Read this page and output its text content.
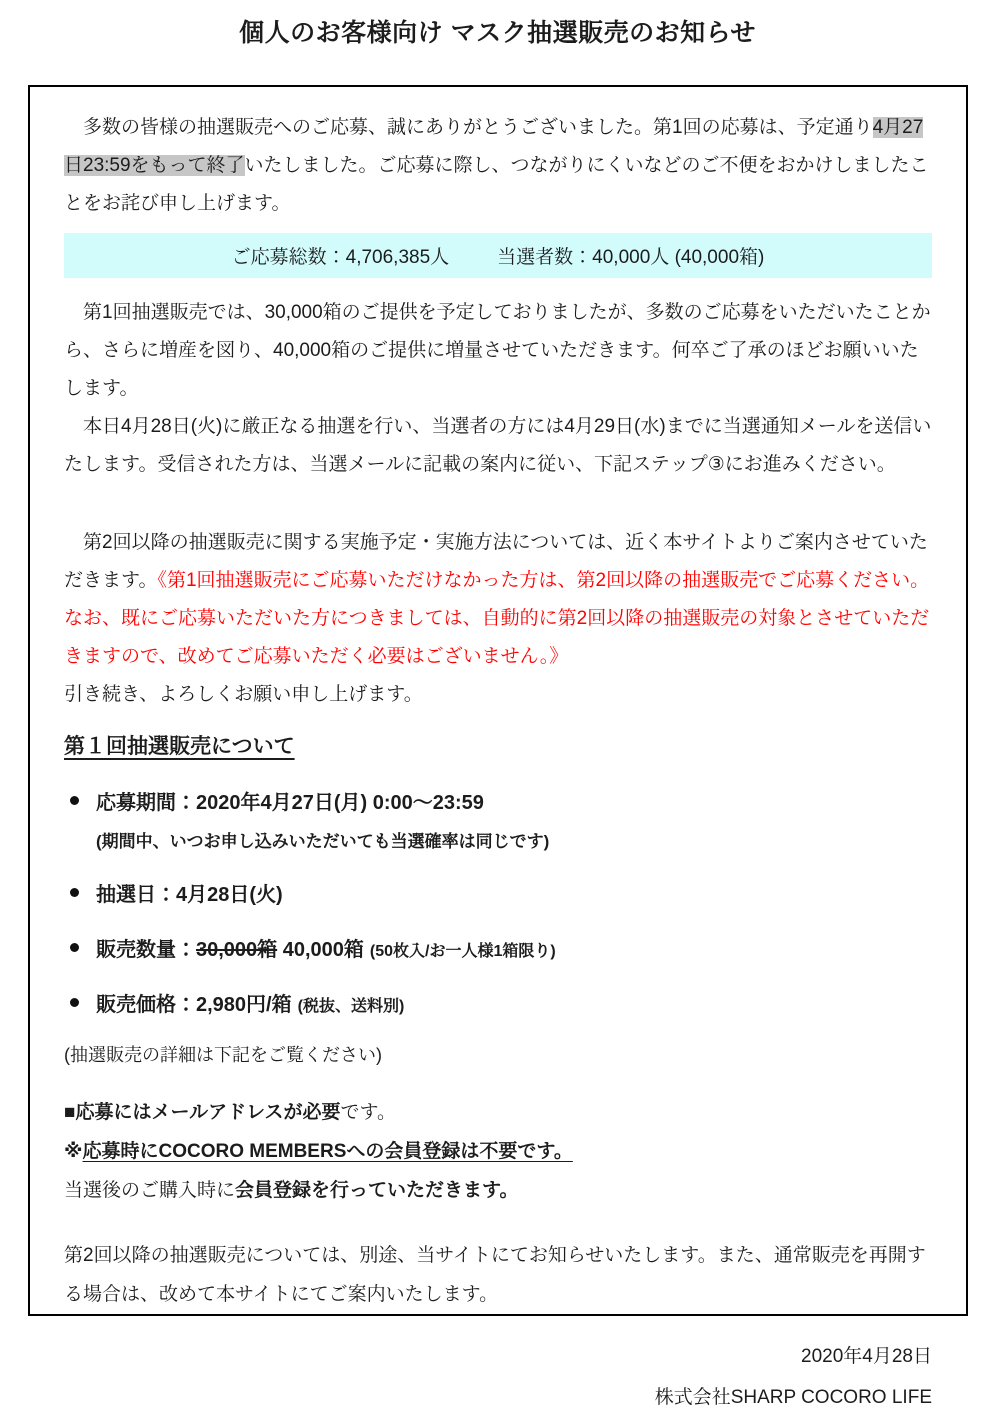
個人のお客様向け マスク抽選販売のお知らせ

多数の皆様の抽選販売へのご応募、誠にありがとうございました。第1回の応募は、予定通り4月27日23:59をもって終了いたしました。ご応募に際し、つながりにくいなどのご不便をおかけしましたことをお詫び申し上げます。

ご応募総数：4,706,385人	当選者数：40,000人 (40,000箱)

第1回抽選販売では、30,000箱のご提供を予定しておりましたが、多数のご応募をいただいたことから、さらに増産を図り、40,000箱のご提供に増量させていただきます。何卒ご了承のほどお願いいたします。

本日4月28日(火)に厳正なる抽選を行い、当選者の方には4月29日(水)までに当選通知メールを送信いたします。受信された方は、当選メールに記載の案内に従い、下記ステップ③にお進みください。

第2回以降の抽選販売に関する実施予定・実施方法については、近く本サイトよりご案内させていただきます。《第1回抽選販売にご応募いただけなかった方は、第2回以降の抽選販売でご応募ください。 なお、既にご応募いただいた方につきましては、自動的に第2回以降の抽選販売の対象とさせていただきますので、改めてご応募いただく必要はございません。》

引き続き、よろしくお願い申し上げます。

第１回抽選販売について
応募期間：2020年4月27日(月) 0:00～23:59
(期間中、いつお申し込みいただいても当選確率は同じです)
抽選日：4月28日(火)
販売数量：30,000箱 40,000箱 (50枚入/お一人様1箱限り)
販売価格：2,980円/箱 (税抜、送料別)

(抽選販売の詳細は下記をご覧ください)

■応募にはメールアドレスが必要です。
※応募時にCOCORO MEMBERSへの会員登録は不要です。
当選後のご購入時に会員登録を行っていただきます。

第2回以降の抽選販売については、別途、当サイトにてお知らせいたします。また、通常販売を再開する場合は、改めて本サイトにてご案内いたします。

2020年4月28日
株式会社SHARP COCORO LIFE
